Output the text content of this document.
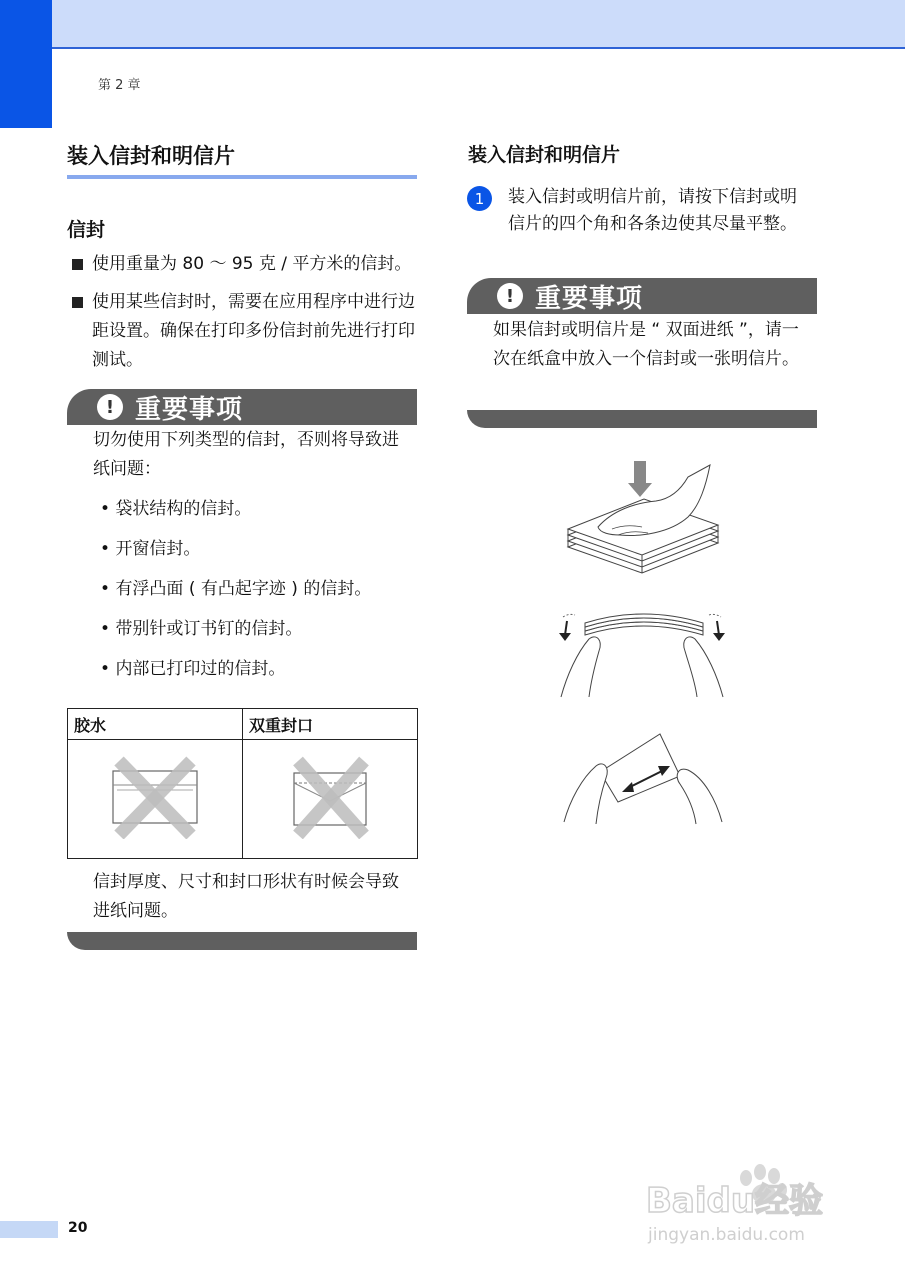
第 2 章
装入信封和明信片
信封
使用重量为 80 ～ 95 克 / 平方米的信封。
使用某些信封时，需要在应用程序中进行边距设置。确保在打印多份信封前先进行打印测试。
! 重要事项
切勿使用下列类型的信封，否则将导致进纸问题：
• 袋状结构的信封。
• 开窗信封。
• 有浮凸面 ( 有凸起字迹 ) 的信封。
• 带别针或订书钉的信封。
• 内部已打印过的信封。
胶水	双重封口

信封厚度、尺寸和封口形状有时候会导致进纸问题。
装入信封和明信片
1	装入信封或明信片前，请按下信封或明信片的四个角和各条边使其尽量平整。
! 重要事项
如果信封或明信片是 “ 双面进纸 ”，请一次在纸盒中放入一个信封或一张明信片。
20
Baidu经验
jingyan.baidu.com
